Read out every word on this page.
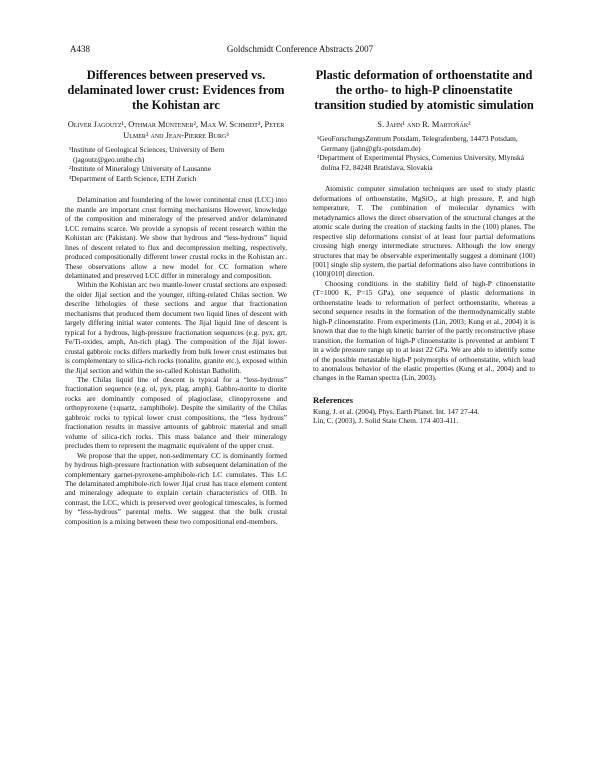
A438	Goldschmidt Conference Abstracts 2007
Differences between preserved vs. delaminated lower crust: Evidences from the Kohistan arc
Oliver Jagoutz¹, Othmar Müntener², Max W. Schmidt³, Peter Ulmer³ and Jean-Pierre Burg³
¹Institute of Geological Sciences, University of Bern (jagoutz@geo.unibe.ch)
²Institute of Mineralogy University of Lausanne
³Department of Earth Science, ETH Zurich

Delamination and foundering of the lower continental crust (LCC) into the mantle are important crust forming mechanisms However, knowledge of the composition and mineralogy of the preserved and/or delaminated LCC remains scarce. We provide a synopsis of recent research within the Kohistan arc (Pakistan). We show that hydrous and “less-hydrous” liquid lines of descent related to flux and decompression melting, respectively, produced compositionally different lower crustal rocks in the Kohistan arc. These observations allow a new model for CC formation where delaminated and preserved LCC differ in mineralogy and composition.

Within the Kohistan arc two mantle-lower crustal sections are exposed: the older Jijal section and the younger, rifting-related Chilas section. We describe lithologies of these sections and argue that fractionation mechanisms that produced them document two liquid lines of descent with largely differing initial water contents. The Jijal liquid line of descent is typical for a hydrous, high-pressure fractionation sequences (e.g. pyx, grt, Fe/Ti-oxides, amph, An-rich plag). The composition of the Jijal lower-crustal gabbroic rocks differs markedly from bulk lower crust estimates but is complementary to silica-rich rocks (tonalite, granite etc.), exposed within the Jijal section and within the so-called Kohistan Batholith.

The Chilas liquid line of descent is typical for a “less-hydrous” fractionation sequence (e.g. ol, pyx, plag, amph). Gabbro-norite to diorite rocks are dominantly composed of plagioclase, clinopyroxene and orthopyroxene (±quartz, ±amphibole). Despite the similarity of the Chilas gabbroic rocks to typical lower crust compositions, the “less hydrous” fractionation results in massive amounts of gabbroic material and small volume of silica-rich rocks. This mass balance and their mineralogy precludes them to represent the magmatic equivalent of the upper crust.

We propose that the upper, non-sedimentary CC is dominantly formed by hydrous high-pressure fractionation with subsequent delamination of the complementary garnet-pyroxene-amphibole-rich LC cumulates. This LC The delaminated amphibole-rich lower Jijal crust has trace element content and mineralogy adequate to explain certain characteristics of OIB. In contrast, the LCC, which is preserved over geological timescales, is formed by “less-hydrous” parental melts. We suggest that the bulk crustal composition is a mixing between these two compositional end-members.

Plastic deformation of orthoenstatite and the ortho- to high-P clinoenstatite transition studied by atomistic simulation
S. Jahn¹ and R. Martoňák²
¹GeoForschungsZentrum Potsdam, Telegrafenberg, 14473 Potsdam, Germany (jahn@gfz-potsdam.de)
²Department of Experimental Physics, Comenius University, Mlynská dolina F2, 84248 Bratislava, Slovakia

Atomistic computer simulation techniques are used to study plastic deformations of orthoenstatite, MgSiO₃, at high pressure, P, and high temperature, T. The combination of molecular dynamics with metadynamics allows the direct observation of the structural changes at the atomic scale during the creation of stacking faults in the (100) planes. The respective slip deformations consist of at least four partial deformations crossing high energy intermediate structures. Although the low energy structures that may be observable experimentally suggest a dominant (100)[001] single slip system, the partial deformations also have contributions in (100)[010] direction.

Choosing conditions in the stability field of high-P clinoenstatite (T=1000 K, P=15 GPa), one sequence of plastic deformations in orthoenstatite leads to reformation of perfect orthoenstatite, whereas a second sequence results in the formation of the thermodynamically stable high-P clinoenstatite. From experiments (Lin, 2003; Kung et al., 2004) it is known that due to the high kinetic barrier of the partly reconstructive phase transition, the formation of high-P clinoenstatite is prevented at ambient T in a wide pressure range up to at least 22 GPa. We are able to identify some of the possible metastable high-P polymorphs of orthoenstatite, which lead to anomalous behavior of the elastic properties (Kung et al., 2004) and to changes in the Raman spectra (Lin, 2003).

References
Kung, J. et al. (2004), Phys. Earth Planet. Int. 147 27-44.
Lin, C. (2003), J. Solid State Chem. 174 403-411.
